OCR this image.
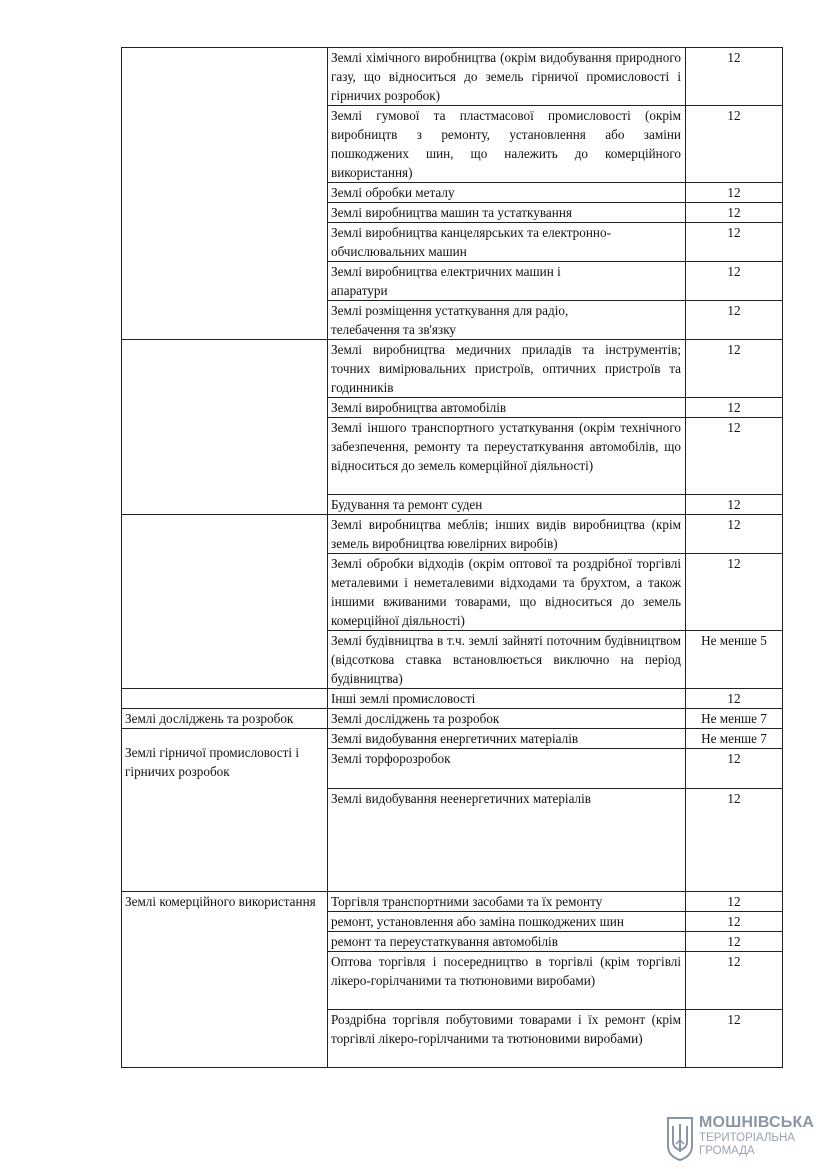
	Землі хімічного виробництва (окрім видобування природного газу, що відноситься до земель гірничої промисловості і гірничих розробок)	12
	Землі гумової та пластмасової промисловості (окрім виробництв з ремонту, установлення або заміни пошкоджених шин, що належить до комерційного використання)	12
	Землі обробки металу	12
	Землі виробництва машин та устаткування	12
	Землі виробництва канцелярських та електронно-обчислювальних машин	12
	Землі виробництва електричних машин і апаратури	12
	Землі розміщення устаткування для радіо, телебачення та зв'язку	12
	Землі виробництва медичних приладів та інструментів; точних вимірювальних пристроїв, оптичних пристроїв та годинників	12
	Землі виробництва автомобілів	12
	Землі іншого транспортного устаткування (окрім технічного забезпечення, ремонту та переустаткування автомобілів, що відноситься до земель комерційної діяльності)	12
	Будування та ремонт суден	12
	Землі виробництва меблів; інших видів виробництва (крім земель виробництва ювелірних виробів)	12
	Землі обробки відходів (окрім оптової та роздрібної торгівлі металевими і неметалевими відходами та брухтом, а також іншими вживаними товарами, що відноситься до земель комерційної діяльності)	12
	Землі будівництва в т.ч. землі зайняті поточним будівництвом (відсоткова ставка встановлюється виключно на період будівництва)	Не менше 5
	Інші землі промисловості	12

Землі досліджень та розробок	Землі досліджень та розробок	Не менше 7

Землі гірничої промисловості і гірничих розробок	Землі видобування енергетичних матеріалів	Не менше 7
	Землі торфорозробок	12
	Землі видобування неенергетичних матеріалів	12

Землі комерційного використання	Торгівля транспортними засобами та їх ремонту	12
	ремонт, установлення або заміна пошкоджених шин	12
	ремонт та переустаткування автомобілів	12
	Оптова торгівля і посередництво в торгівлі (крім торгівлі лікеро-горілчаними та тютюновими виробами)	12
	Роздрібна торгівля побутовими товарами і їх ремонт (крім торгівлі лікеро-горілчаними та тютюновими виробами)	12
МОШНІВСЬКА
ТЕРИТОРІАЛЬНА
ГРОМАДА
